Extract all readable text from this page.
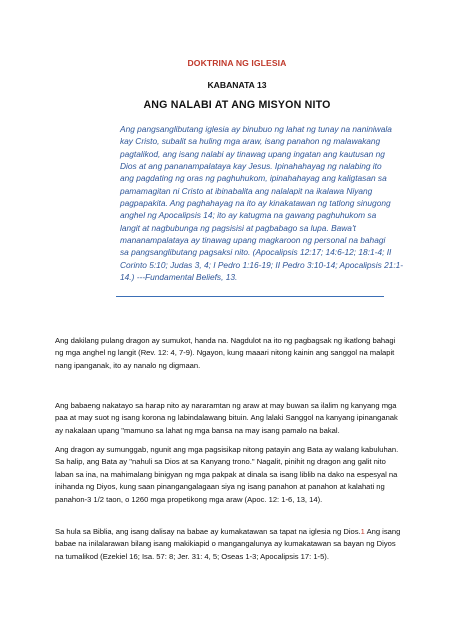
DOKTRINA NG IGLESIA
KABANATA 13
ANG NALABI AT ANG MISYON NITO
Ang pangsanglibutang iglesia ay binubuo ng lahat ng tunay na naniniwala
kay Cristo, subalit sa huling mga araw, isang panahon ng malawakang
pagtalikod, ang isang nalabi ay tinawag upang ingatan ang kautusan ng
Dios at ang pananampalataya kay Jesus. Ipinahahayag ng nalabing ito
ang pagdating ng oras ng paghuhukom, ipinahahayag ang kaligtasan sa
pamamagitan ni Cristo at ibinabalita ang nalalapit na ikalawa Niyang
pagpapakita. Ang paghahayag na ito ay kinakatawan ng tatlong sinugong
anghel ng Apocalipsis 14; ito ay katugma na gawang paghuhukom sa
langit at nagbubunga ng pagsisisi at pagbabago sa lupa. Bawa't
mananampalataya ay tinawag upang magkaroon ng personal na bahagi
sa pangsanglibutang pagsaksi nito. (Apocalipsis 12:17; 14:6-12; 18:1-4; II
Corinto 5:10; Judas 3, 4; I Pedro 1:16-19; II Pedro 3:10-14; Apocalipsis 21:1-
14.) ---Fundamental Beliefs, 13.
Ang dakilang pulang dragon ay sumukot, handa na. Nagdulot na ito ng pagbagsak ng ikatlong bahagi
ng mga anghel ng langit (Rev. 12: 4, 7-9). Ngayon, kung maaari nitong kainin ang sanggol na malapit
nang ipanganak, ito ay nanalo ng digmaan.
Ang babaeng nakatayo sa harap nito ay nararamtan ng araw at may buwan sa ilalim ng kanyang mga
paa at may suot ng isang korona ng labindalawang bituin. Ang lalaki Sanggol na kanyang ipinanganak
ay nakalaan upang "mamuno sa lahat ng mga bansa na may isang pamalo na bakal.
Ang dragon ay sumunggab, ngunit ang mga pagsisikap nitong patayin ang Bata ay walang kabuluhan.
Sa halip, ang Bata ay "nahuli sa Dios at sa Kanyang trono." Nagalit, pinihit ng dragon ang galit nito
laban sa ina, na mahimalang binigyan ng mga pakpak at dinala sa isang liblib na dako na espesyal na
inihanda ng Diyos, kung saan pinangangalagaan siya ng isang panahon at panahon at kalahati ng
panahon-3 1/2 taon, o 1260 mga propetikong mga araw (Apoc. 12: 1-6, 13, 14).
Sa hula sa Biblia, ang isang dalisay na babae ay kumakatawan sa tapat na iglesia ng Dios.1 Ang isang
babae na inilalarawan bilang isang makikiapid o mangangalunya ay kumakatawan sa bayan ng Diyos
na tumalikod (Ezekiel 16; Isa. 57: 8; Jer. 31: 4, 5; Oseas 1-3; Apocalipsis 17: 1-5).
